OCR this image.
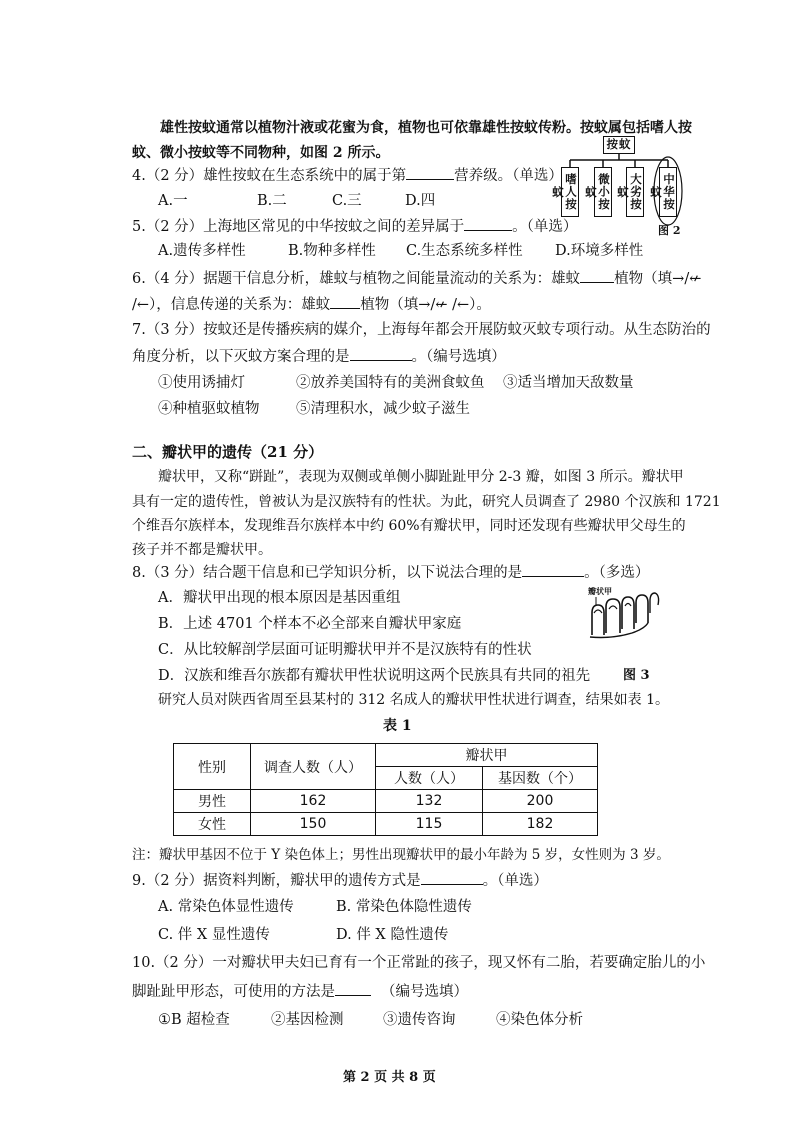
雄性按蚊通常以植物汁液或花蜜为食，植物也可依靠雄性按蚊传粉。按蚊属包括嗜人按
蚊、微小按蚊等不同物种，如图 2 所示。
按蚊
嗜人按蚊	微小按蚊	大劣按蚊	中华按蚊
图 2
4.（2 分）雄性按蚊在生态系统中的属于第	营养级。（单选）
A.一	B.二	C.三	D.四
5.（2 分）上海地区常见的中华按蚊之间的差异属于	。（单选）
A.遗传多样性	B.物种多样性 C.生态系统多样性 D.环境多样性
6.（4 分）据题干信息分析，雄蚊与植物之间能量流动的关系为：雄蚊 植物（填→/↚
/←），信息传递的关系为：雄蚊 植物（填→/↚ /←）。
7.（3 分）按蚊还是传播疾病的媒介，上海每年都会开展防蚊灭蚊专项行动。从生态防治的
角度分析，以下灭蚊方案合理的是	。（编号选填）
①使用诱捕灯	②放养美国特有的美洲食蚊鱼 ③适当增加天敌数量
④种植驱蚊植物	⑤清理积水，减少蚊子滋生
二、瓣状甲的遗传（21 分）
瓣状甲，又称“跰趾”，表现为双侧或单侧小脚趾趾甲分 2-3 瓣，如图 3 所示。瓣状甲
具有一定的遗传性，曾被认为是汉族特有的性状。为此，研究人员调查了 2980 个汉族和 1721
个维吾尔族样本，发现维吾尔族样本中约 60%有瓣状甲，同时还发现有些瓣状甲父母生的
孩子并不都是瓣状甲。
8.（3 分）结合题干信息和已学知识分析，以下说法合理的是	。（多选）
A．瓣状甲出现的根本原因是基因重组
B．上述 4701 个样本不必全部来自瓣状甲家庭
C．从比较解剖学层面可证明瓣状甲并不是汉族特有的性状
D．汉族和维吾尔族都有瓣状甲性状说明这两个民族具有共同的祖先
瓣状甲
图 3
研究人员对陕西省周至县某村的 312 名成人的瓣状甲性状进行调查，结果如表 1。
表 1
性别	调查人数（人）	瓣状甲	
		人数（人）	基因数（个）
男性	162	132	200
女性	150	115	182
注：瓣状甲基因不位于 Y 染色体上；男性出现瓣状甲的最小年龄为 5 岁，女性则为 3 岁。
9.（2 分）据资料判断，瓣状甲的遗传方式是	。（单选）
A. 常染色体显性遗传	B. 常染色体隐性遗传
C. 伴 X 显性遗传	D. 伴 X 隐性遗传
10.（2 分）一对瓣状甲夫妇已育有一个正常趾的孩子，现又怀有二胎，若要确定胎儿的小
脚趾趾甲形态，可使用的方法是	（编号选填）
①B 超检查	②基因检测	③遗传咨询	④染色体分析
第 2 页 共 8 页
